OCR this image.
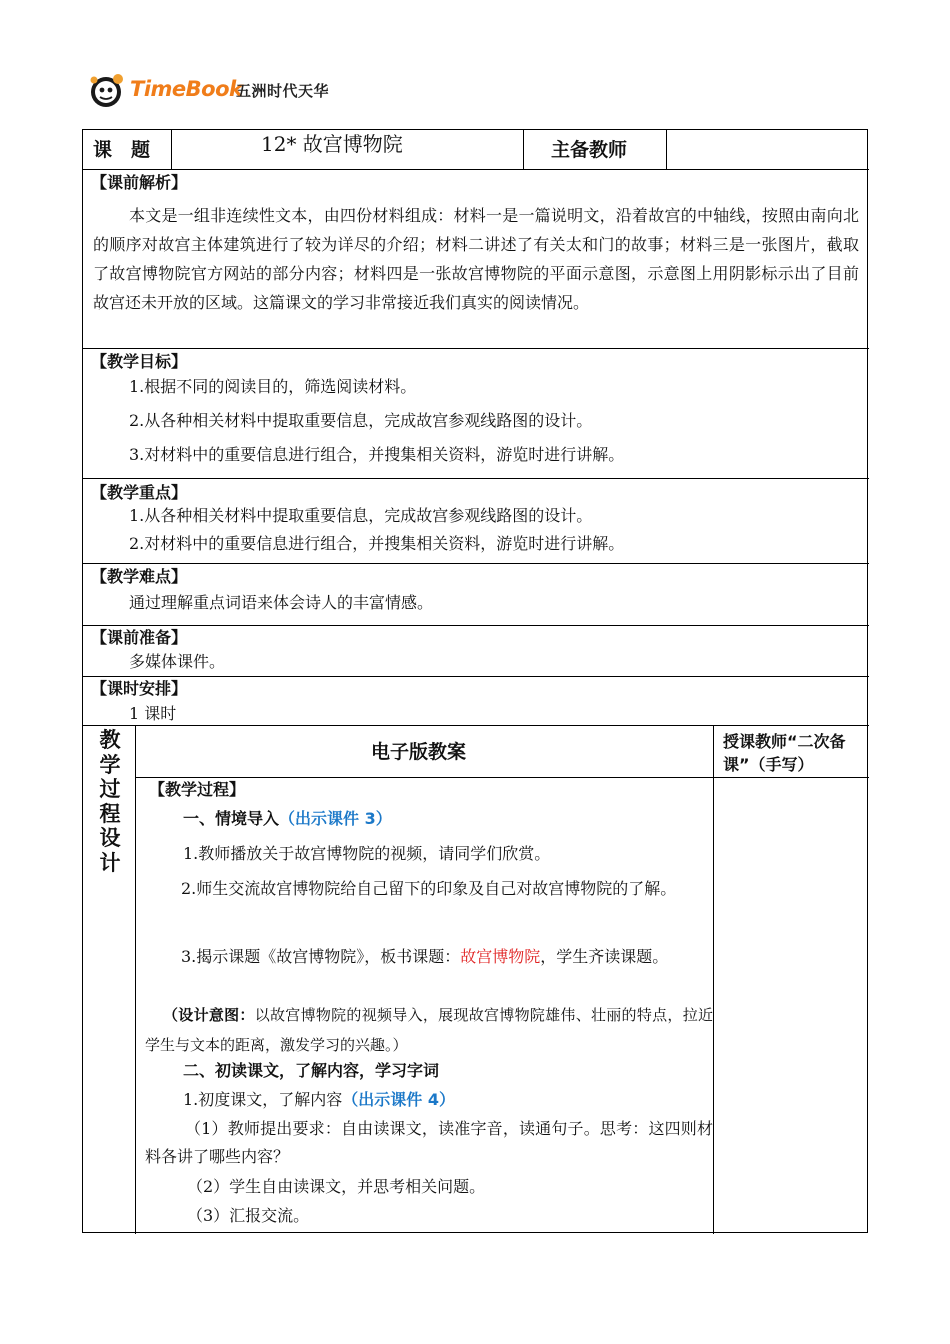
TimeBook
五洲时代天华
课　题	12* 故宫博物院	主备教师
【课前解析】
本文是一组非连续性文本，由四份材料组成：材料一是一篇说明文，沿着故宫的中轴线，按照由南向北的顺序对故宫主体建筑进行了较为详尽的介绍；材料二讲述了有关太和门的故事；材料三是一张图片，截取了故宫博物院官方网站的部分内容；材料四是一张故宫博物院的平面示意图，示意图上用阴影标示出了目前故宫还未开放的区域。这篇课文的学习非常接近我们真实的阅读情况。
【教学目标】
1.根据不同的阅读目的，筛选阅读材料。
2.从各种相关材料中提取重要信息，完成故宫参观线路图的设计。
3.对材料中的重要信息进行组合，并搜集相关资料，游览时进行讲解。
【教学重点】
1.从各种相关材料中提取重要信息，完成故宫参观线路图的设计。
2.对材料中的重要信息进行组合，并搜集相关资料，游览时进行讲解。
【教学难点】
通过理解重点词语来体会诗人的丰富情感。
【课前准备】
多媒体课件。
【课时安排】
1 课时
教学过程设计
电子版教案	授课教师“二次备课”（手写）
【教学过程】
一、情境导入（出示课件 3）
1.教师播放关于故宫博物院的视频，请同学们欣赏。
2.师生交流故宫博物院给自己留下的印象及自己对故宫博物院的了解。
3.揭示课题《故宫博物院》，板书课题：故宫博物院，学生齐读课题。
（设计意图：以故宫博物院的视频导入，展现故宫博物院雄伟、壮丽的特点，拉近学生与文本的距离，激发学习的兴趣。）
二、初读课文，了解内容，学习字词
1.初度课文，了解内容（出示课件 4）
（1）教师提出要求：自由读课文，读准字音，读通句子。思考：这四则材料各讲了哪些内容？
（2）学生自由读课文，并思考相关问题。
（3）汇报交流。
